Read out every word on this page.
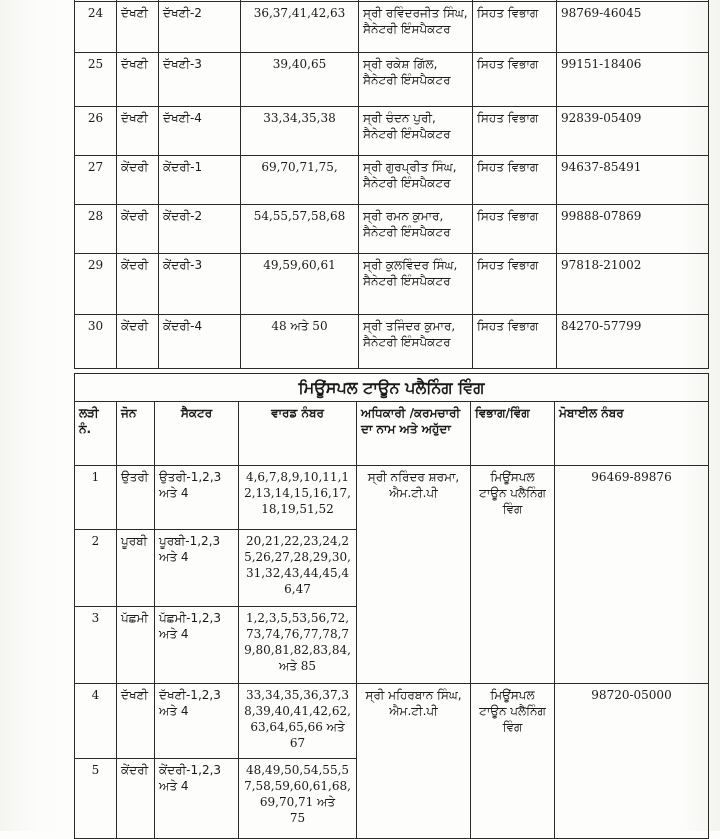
24	ਦੱਖਣੀ	ਦੱਖਣੀ-2	36,37,41,42,63	ਸ੍ਰੀ ਰਵਿੰਦਰਜੀਤ ਸਿੰਘ, ਸੈਨੇਟਰੀ ਇੰਸਪੈਕਟਰ	ਸਿਹਤ ਵਿਭਾਗ	98769-46045
25	ਦੱਖਣੀ	ਦੱਖਣੀ-3	39,40,65	ਸ੍ਰੀ ਰਕੇਸ਼ ਗਿੱਲ, ਸੈਨੇਟਰੀ ਇੰਸਪੈਕਟਰ	ਸਿਹਤ ਵਿਭਾਗ	99151-18406
26	ਦੱਖਣੀ	ਦੱਖਣੀ-4	33,34,35,38	ਸ੍ਰੀ ਚੰਦਨ ਪੁਰੀ, ਸੈਨੇਟਰੀ ਇੰਸਪੈਕਟਰ	ਸਿਹਤ ਵਿਭਾਗ	92839-05409
27	ਕੇਂਦਰੀ	ਕੇਂਦਰੀ-1	69,70,71,75,	ਸ੍ਰੀ ਗੁਰਪ੍ਰੀਤ ਸਿੰਘ, ਸੈਨੇਟਰੀ ਇੰਸਪੈਕਟਰ	ਸਿਹਤ ਵਿਭਾਗ	94637-85491
28	ਕੇਂਦਰੀ	ਕੇਂਦਰੀ-2	54,55,57,58,68	ਸ੍ਰੀ ਰਮਨ ਕੁਮਾਰ, ਸੈਨੇਟਰੀ ਇੰਸਪੈਕਟਰ	ਸਿਹਤ ਵਿਭਾਗ	99888-07869
29	ਕੇਂਦਰੀ	ਕੇਂਦਰੀ-3	49,59,60,61	ਸ੍ਰੀ ਕੁਲਵਿੰਦਰ ਸਿੰਘ, ਸੈਨੇਟਰੀ ਇੰਸਪੈਕਟਰ	ਸਿਹਤ ਵਿਭਾਗ	97818-21002
30	ਕੇਂਦਰੀ	ਕੇਂਦਰੀ-4	48 ਅਤੇ 50	ਸ੍ਰੀ ਤਜਿੰਦਰ ਕੁਮਾਰ, ਸੈਨੇਟਰੀ ਇੰਸਪੈਕਟਰ	ਸਿਹਤ ਵਿਭਾਗ	84270-57799
ਮਿਊਂਸਪਲ ਟਾਊਨ ਪਲੈਨਿੰਗ ਵਿੰਗ						
ਲੜੀ ਨੰ.	ਜੋਨ	ਸੈਕਟਰ	ਵਾਰਡ ਨੰਬਰ	ਅਧਿਕਾਰੀ /ਕਰਮਚਾਰੀ ਦਾ ਨਾਮ ਅਤੇ ਅਹੁੱਦਾ	ਵਿਭਾਗ/ਵਿੰਗ	ਮੋਬਾਈਲ ਨੰਬਰ
1	ਉਤਰੀ	ਉਤਰੀ-1,2,3 ਅਤੇ 4	4,6,7,8,9,10,11,1
2,13,14,15,16,17,
18,19,51,52	ਸ੍ਰੀ ਨਰਿੰਦਰ ਸ਼ਰਮਾ, ਐਮ.ਟੀ.ਪੀ	ਮਿਊਂਸਪਲ ਟਾਊਨ ਪਲੈਨਿੰਗ ਵਿੰਗ	96469-89876
2	ਪੂਰਬੀ	ਪੂਰਬੀ-1,2,3 ਅਤੇ 4	20,21,22,23,24,2
5,26,27,28,29,30,
31,32,43,44,45,4
6,47			
3	ਪੱਛਮੀ	ਪੱਛਮੀ-1,2,3 ਅਤੇ 4	1,2,3,5,53,56,72,
73,74,76,77,78,7
9,80,81,82,83,84,
ਅਤੇ 85			
4	ਦੱਖਣੀ	ਦੱਖਣੀ-1,2,3 ਅਤੇ 4	33,34,35,36,37,3
8,39,40,41,42,62,
63,64,65,66 ਅਤੇ
67	ਸ੍ਰੀ ਮਹਿਰਬਾਨ ਸਿੰਘ, ਐਮ.ਟੀ.ਪੀ	ਮਿਊਂਸਪਲ ਟਾਊਨ ਪਲੈਨਿੰਗ ਵਿੰਗ	98720-05000
5	ਕੇਂਦਰੀ	ਕੇਂਦਰੀ-1,2,3 ਅਤੇ 4	48,49,50,54,55,5
7,58,59,60,61,68,
69,70,71 ਅਤੇ
75			
